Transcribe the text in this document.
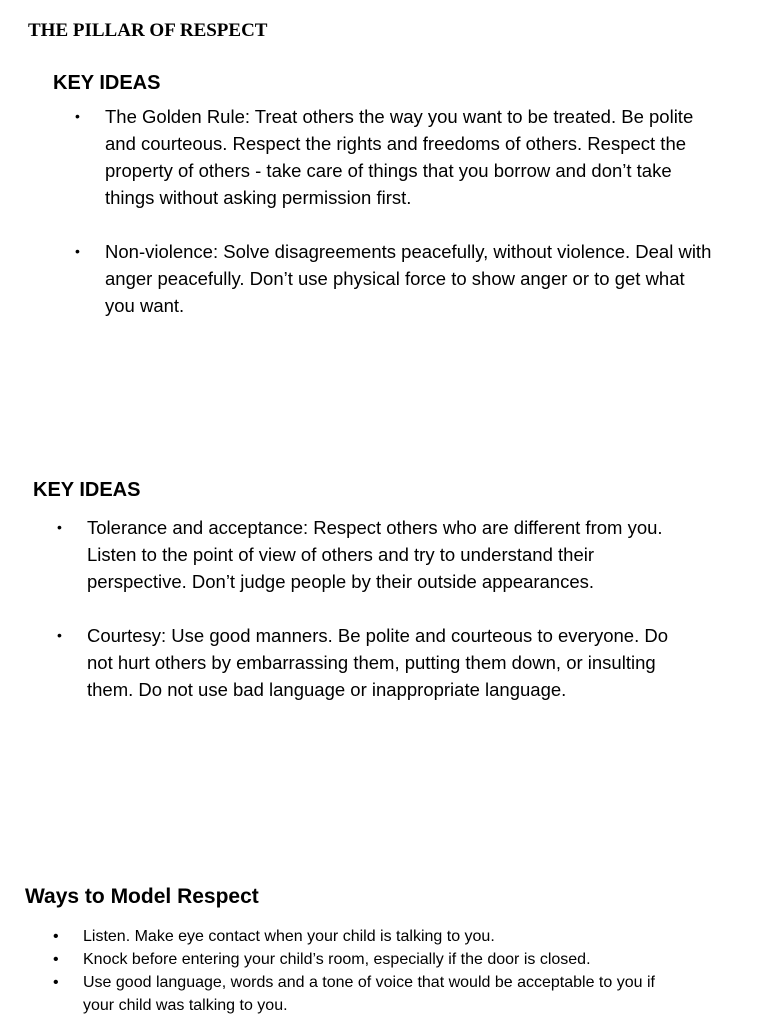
THE PILLAR OF RESPECT
KEY IDEAS
• The Golden Rule: Treat others the way you want to be treated. Be polite and courteous. Respect the rights and freedoms of others. Respect the property of others - take care of things that you borrow and don’t take things without asking permission first.
• Non-violence: Solve disagreements peacefully, without violence. Deal with anger peacefully. Don’t use physical force to show anger or to get what you want.
KEY IDEAS
• Tolerance and acceptance: Respect others who are different from you. Listen to the point of view of others and try to understand their perspective. Don’t judge people by their outside appearances.
• Courtesy: Use good manners. Be polite and courteous to everyone. Do not hurt others by embarrassing them, putting them down, or insulting them. Do not use bad language or inappropriate language.
Ways to Model Respect
• Listen. Make eye contact when your child is talking to you.
• Knock before entering your child’s room, especially if the door is closed.
• Use good language, words and a tone of voice that would be acceptable to you if your child was talking to you.
